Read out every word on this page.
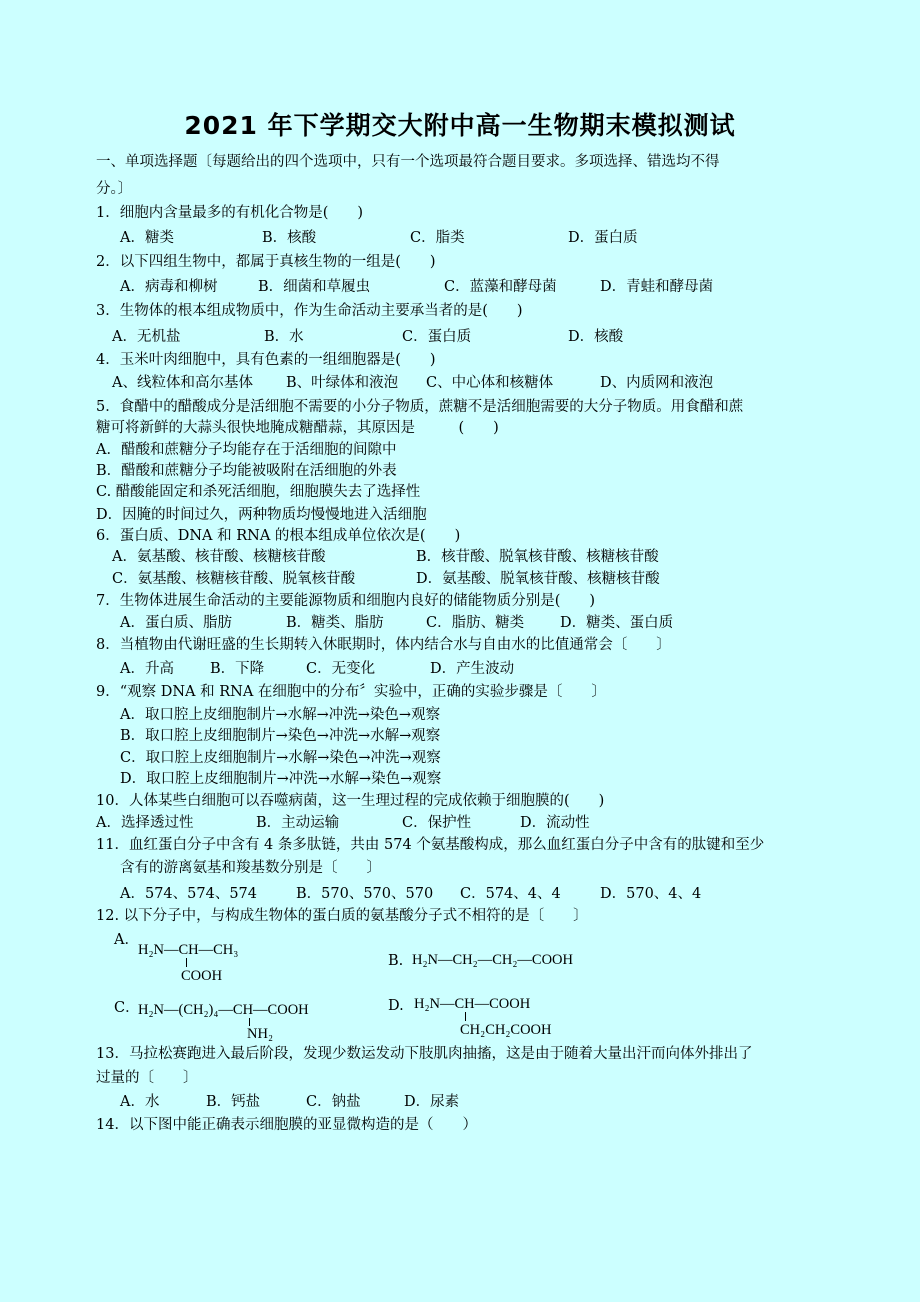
2021 年下学期交大附中高一生物期末模拟测试
一、单项选择题〔每题给出的四个选项中，只有一个选项最符合题目要求。多项选择、错选均不得
分。〕
1．细胞内含量最多的有机化合物是(　　)
A．糖类	B．核酸	C．脂类	D．蛋白质
2．以下四组生物中，都属于真核生物的一组是(　　)
A．病毒和柳树	B．细菌和草履虫	C．蓝藻和酵母菌	D．青蛙和酵母菌
3．生物体的根本组成物质中，作为生命活动主要承当者的是(　　)
A．无机盐	B．水	C．蛋白质	D．核酸
4．玉米叶肉细胞中，具有色素的一组细胞器是(　　)
A、线粒体和高尔基体 B、叶绿体和液泡 C、中心体和核糖体	D、内质网和液泡
5．食醋中的醋酸成分是活细胞不需要的小分子物质，蔗糖不是活细胞需要的大分子物质。用食醋和蔗
糖可将新鲜的大蒜头很快地腌成糖醋蒜，其原因是　　　(　　)
A．醋酸和蔗糖分子均能存在于活细胞的间隙中
B．醋酸和蔗糖分子均能被吸附在活细胞的外表
C. 醋酸能固定和杀死活细胞，细胞膜失去了选择性
D．因腌的时间过久，两种物质均慢慢地进入活细胞
6．蛋白质、DNA 和 RNA 的根本组成单位依次是(　　)
A．氨基酸、核苷酸、核糖核苷酸	B．核苷酸、脱氧核苷酸、核糖核苷酸
C．氨基酸、核糖核苷酸、脱氧核苷酸	D．氨基酸、脱氧核苷酸、核糖核苷酸
7．生物体进展生命活动的主要能源物质和细胞内良好的储能物质分别是(　　)
A．蛋白质、脂肪	B．糖类、脂肪	C．脂肪、糖类 D．糖类、蛋白质
8．当植物由代谢旺盛的生长期转入休眠期时，体内结合水与自由水的比值通常会〔　　〕
A．升高 B．下降	C．无变化	D．产生波动
9．“观察 DNA 和 RNA 在细胞中的分布〞实验中，正确的实验步骤是〔　　〕
A．取口腔上皮细胞制片→水解→冲洗→染色→观察
B．取口腔上皮细胞制片→染色→冲洗→水解→观察
C．取口腔上皮细胞制片→水解→染色→冲洗→观察
D．取口腔上皮细胞制片→冲洗→水解→染色→观察
10．人体某些白细胞可以吞噬病菌，这一生理过程的完成依赖于细胞膜的(　　)
A．选择透过性	B．主动运输	C．保护性	D．流动性
11．血红蛋白分子中含有 4 条多肽链，共由 574 个氨基酸构成，那么血红蛋白分子中含有的肽键和至少
含有的游离氨基和羧基数分别是〔　　〕
A．574、574、574	B．570、570、570 C．574、4、4	D．570、4、4
12. 以下分子中，与构成生物体的蛋白质的氨基酸分子式不相符的是〔　　〕
A．
H₂N—CH—CH₃
COOH
B. H₂N—CH₂—CH₂—COOH
C．
H₂N—(CH₂)₄—CH—COOH
NH₂
D. H₂N—CH—COOH
CH₂CH₂COOH
13．马拉松赛跑进入最后阶段，发现少数运发动下肢肌肉抽搐，这是由于随着大量出汗而向体外排出了
过量的〔　　〕
A．水	B．钙盐	C．钠盐	D．尿素
14．以下图中能正确表示细胞膜的亚显微构造的是（　　）
